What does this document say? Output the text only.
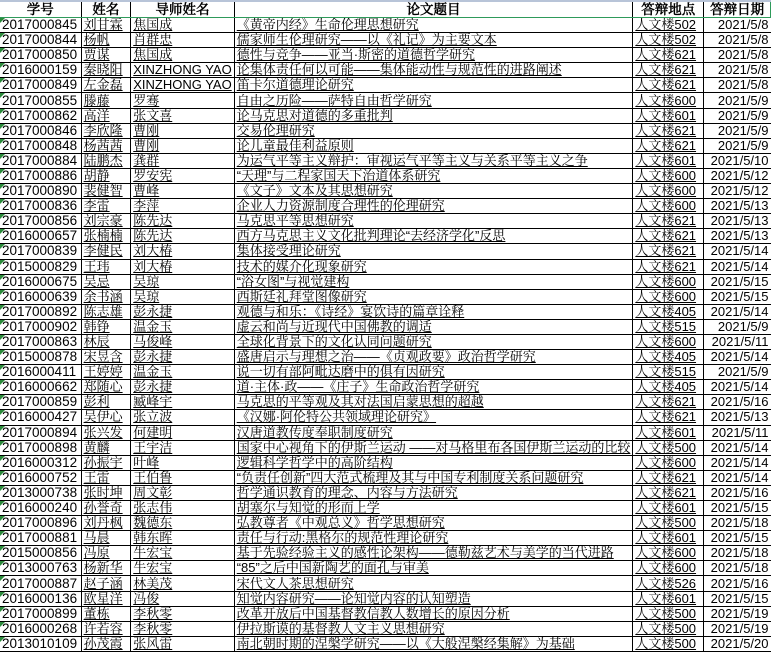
学号	姓名	导师姓名	论文题目	答辩地点	答辩日期
2017000845	刘甘霖	焦国成	《黄帝内经》生命伦理思想研究	人文楼502	2021/5/8
2017000844	杨帆	肖群忠	儒家师生伦理研究——以《礼记》为主要文本	人文楼502	2021/5/8
2017000850	贾谋	焦国成	德性与竞争——亚当·斯密的道德哲学研究	人文楼621	2021/5/8
2016000159	秦晓阳	XINZHONG YAO	论集体责任何以可能——集体能动性与规范性的进路阐述	人文楼621	2021/5/8
2017000849	左金磊	XINZHONG YAO	笛卡尔道德理论研究	人文楼621	2021/5/8
2017000855	滕藤	罗骞	自由之历险——萨特自由哲学研究	人文楼600	2021/5/9
2017000862	高洋	张文喜	论马克思对道德的多重批判	人文楼601	2021/5/9
2017000846	李欣隆	曹刚	交易伦理研究	人文楼621	2021/5/9
2017000848	杨茜茜	曹刚	论儿童最佳利益原则	人文楼621	2021/5/9
2017000884	陆鹏杰	龚群	为运气平等主义辩护：审视运气平等主义与关系平等主义之争	人文楼601	2021/5/10
2017000886	胡静	罗安宪	“天理”与二程家国天下治道体系研究	人文楼600	2021/5/12
2017000890	裴健智	曹峰	《文子》文本及其思想研究	人文楼600	2021/5/12
2017000836	李雷	李萍	企业人力资源制度合理性的伦理研究	人文楼600	2021/5/13
2017000856	刘宗豪	陈先达	马克思平等思想研究	人文楼621	2021/5/13
2016000657	张楠楠	陈先达	西方马克思主义文化批判理论“去经济学化”反思	人文楼621	2021/5/13
2017000839	李健民	刘大椿	集体接受理论研究	人文楼621	2021/5/14
2015000829	王玮	刘大椿	技术的媒介化现象研究	人文楼621	2021/5/14
2016000675	吴忌	吴琼	“浴女图”与视觉建构	人文楼600	2021/5/15
2016000639	余书涵	吴琼	西斯廷礼拜堂图像研究	人文楼600	2021/5/15
2017000892	陈志雄	彭永捷	观德与和乐：《诗经》宴饮诗的篇章诠释	人文楼405	2021/5/14
2017000902	韩铮	温金玉	虚云和尚与近现代中国佛教的调适	人文楼515	2021/5/9
2017000863	林辰	马俊峰	全球化背景下的文化认同问题研究	人文楼600	2021/5/11
2015000878	宋昱含	彭永捷	盛唐启示与理想之治——《贞观政要》政治哲学研究	人文楼405	2021/5/14
2016000411	王婷婷	温金玉	说一切有部阿毗达磨中的俱有因研究	人文楼515	2021/5/9
2016000662	郑随心	彭永捷	道·主体·政——《庄子》生命政治哲学研究	人文楼405	2021/5/14
2017000859	彭利	臧峰宇	马克思的平等观及其对法国启蒙思想的超越	人文楼621	2021/5/16
2016000427	吴伊心	张立波	《汉娜·阿伦特公共领域理论研究》	人文楼621	2021/5/13
2017000894	张兴发	何建明	汉唐道教传度奉职制度研究	人文楼601	2021/5/11
2017000898	黄麟	王宇洁	国家中心视角下的伊斯兰运动 ——对马格里布各国伊斯兰运动的比较	人文楼500	2021/5/14
2016000312	孙振宇	叶峰	逻辑科学哲学中的高阶结构	人文楼600	2021/5/14
2016000752	王雷	王伯鲁	“负责任创新”四大范式梳理及其与中国专利制度关系问题研究	人文楼621	2021/5/14
2013000738	张时坤	周文彰	哲学通识教育的理念、内容与方法研究	人文楼621	2021/5/16
2016000240	孙誉奇	张志伟	胡塞尔与知觉的形而上学	人文楼601	2021/5/15
2017000896	刘丹枫	魏德东	弘教尊者《中观总义》哲学思想研究	人文楼500	2021/5/18
2017000881	马晨	韩东晖	责任与行动:黑格尔的规范性理论研究	人文楼601	2021/5/15
2015000856	冯原	牛宏宝	基于先验经验主义的感性论架构——德勒兹艺术与美学的当代进路	人文楼600	2021/5/18
2013000763	杨新华	牛宏宝	“85”之后中国新陶艺的面孔与审美	人文楼600	2021/5/18
2017000887	赵子涵	林美茂	宋代文人茶思想研究	人文楼526	2021/5/16
2016000136	欧星洋	冯俊	知觉内容研究——论知觉内容的认知塑造	人文楼601	2021/5/15
2017000899	董栋	李秋零	改革开放后中国基督教信教人数增长的原因分析	人文楼500	2021/5/19
2016000268	许若容	李秋零	伊拉斯谟的基督教人文主义思想研究	人文楼500	2021/5/19
2013010109	孙茂霞	张风雷	南北朝时期的涅槃学研究——以《大般涅槃经集解》为基础	人文楼500	2021/5/20
